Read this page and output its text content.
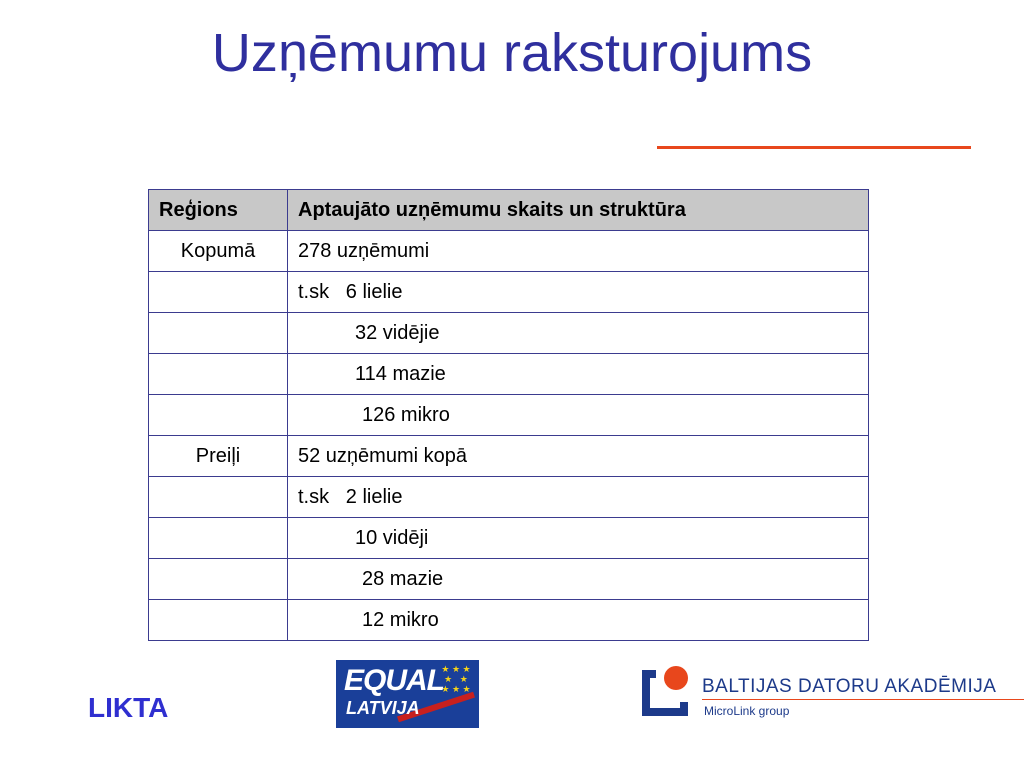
Uzņēmumu raksturojums
Reģions	Aptaujāto uzņēmumu skaits un struktūra
Kopumā	278 uzņēmumi
	t.sk   6 lielie
	32 vidējie
	114 mazie
	126 mikro
Preiļi	52 uzņēmumi kopā
	t.sk   2 lielie
	10 vidēji
	28 mazie
	12 mikro
LIKTA
★ ★ ★
★   ★
★ ★ ★
EQUAL
LATVIJA
BALTIJAS DATORU AKADĒMIJA
MicroLink group
